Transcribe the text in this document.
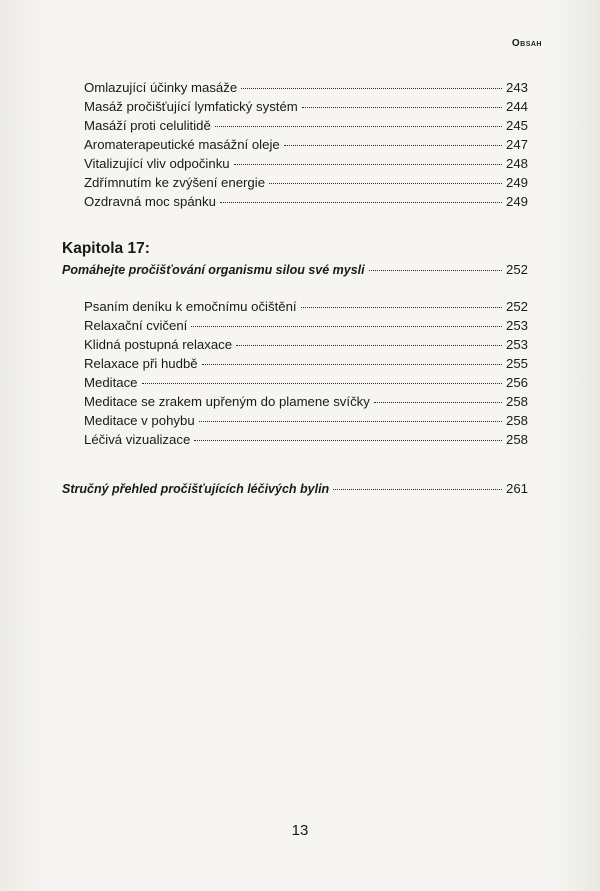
Obsah
Omlazující účinky masáže	243
Masáž pročišťující lymfatický systém	244
Masáží proti celulitidě	245
Aromaterapeutické masážní oleje	247
Vitalizující vliv odpočinku	248
Zdřímnutím ke zvýšení energie	249
Ozdravná moc spánku	249
Kapitola 17:
Pomáhejte pročišťování organismu silou své mysli	252
Psaním deníku k emočnímu očištění	252
Relaxační cvičení	253
Klidná postupná relaxace	253
Relaxace při hudbě	255
Meditace	256
Meditace se zrakem upřeným do plamene svíčky	258
Meditace v pohybu	258
Léčivá vizualizace	258
Stručný přehled pročišťujících léčivých bylin	261
13
